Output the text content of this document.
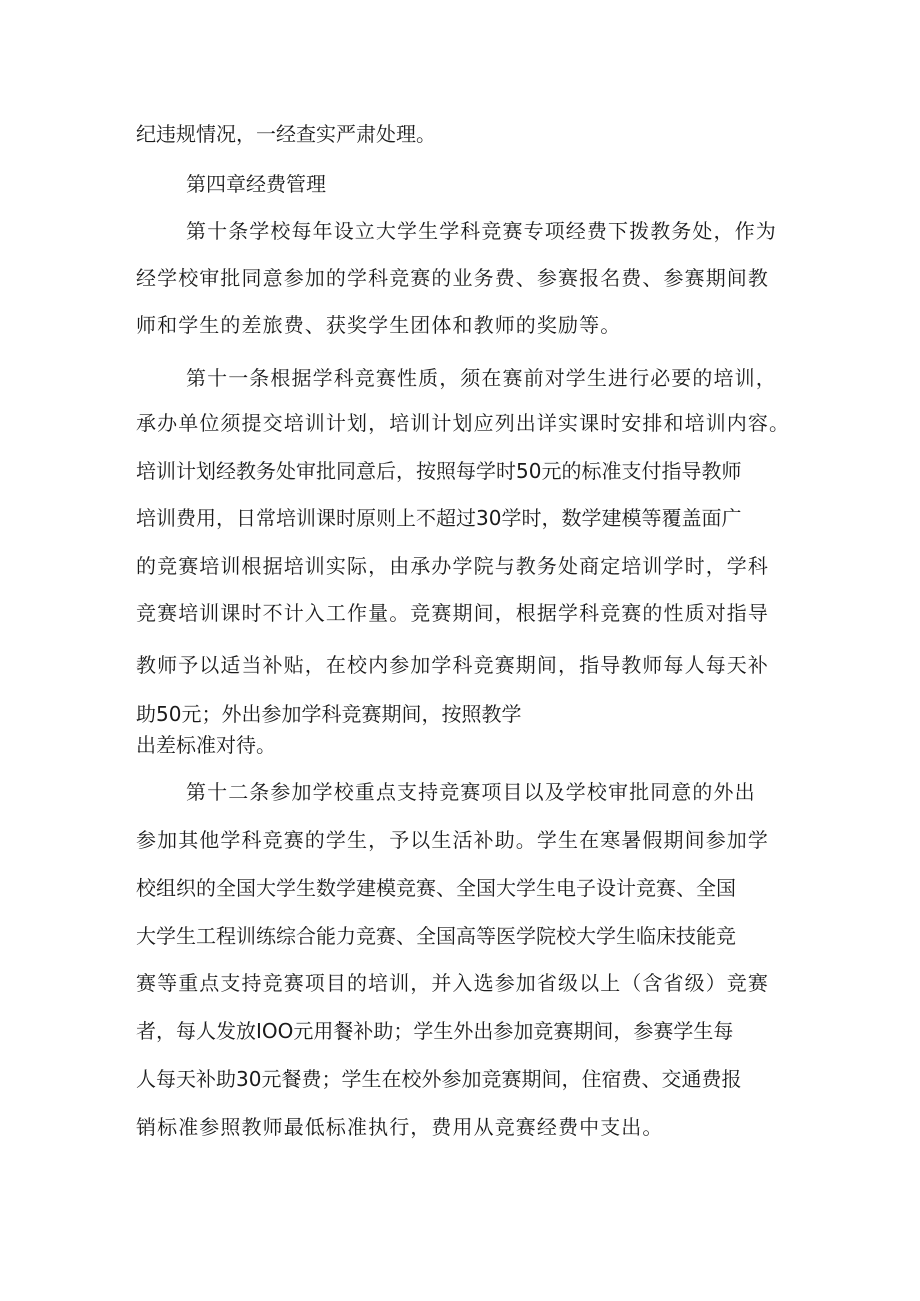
纪违规情况，一经查实严肃处理。
第四章经费管理
第十条学校每年设立大学生学科竞赛专项经费下拨教务处，作为
经学校审批同意参加的学科竞赛的业务费、参赛报名费、参赛期间教
师和学生的差旅费、获奖学生团体和教师的奖励等。
第十一条根据学科竞赛性质，须在赛前对学生进行必要的培训，
承办单位须提交培训计划，培训计划应列出详实课时安排和培训内容。
培训计划经教务处审批同意后，按照每学时50元的标准支付指导教师
培训费用，日常培训课时原则上不超过30学时，数学建模等覆盖面广
的竞赛培训根据培训实际，由承办学院与教务处商定培训学时，学科
竞赛培训课时不计入工作量。竞赛期间，根据学科竞赛的性质对指导
教师予以适当补贴，在校内参加学科竞赛期间，指导教师每人每天补
助50元；外出参加学科竞赛期间，按照教学
出差标准对待。
第十二条参加学校重点支持竞赛项目以及学校审批同意的外出
参加其他学科竞赛的学生，予以生活补助。学生在寒暑假期间参加学
校组织的全国大学生数学建模竞赛、全国大学生电子设计竞赛、全国
大学生工程训练综合能力竞赛、全国高等医学院校大学生临床技能竞
赛等重点支持竞赛项目的培训，并入选参加省级以上（含省级）竞赛
者，每人发放IOO元用餐补助；学生外出参加竞赛期间，参赛学生每
人每天补助30元餐费；学生在校外参加竞赛期间，住宿费、交通费报
销标准参照教师最低标准执行，费用从竞赛经费中支出。
